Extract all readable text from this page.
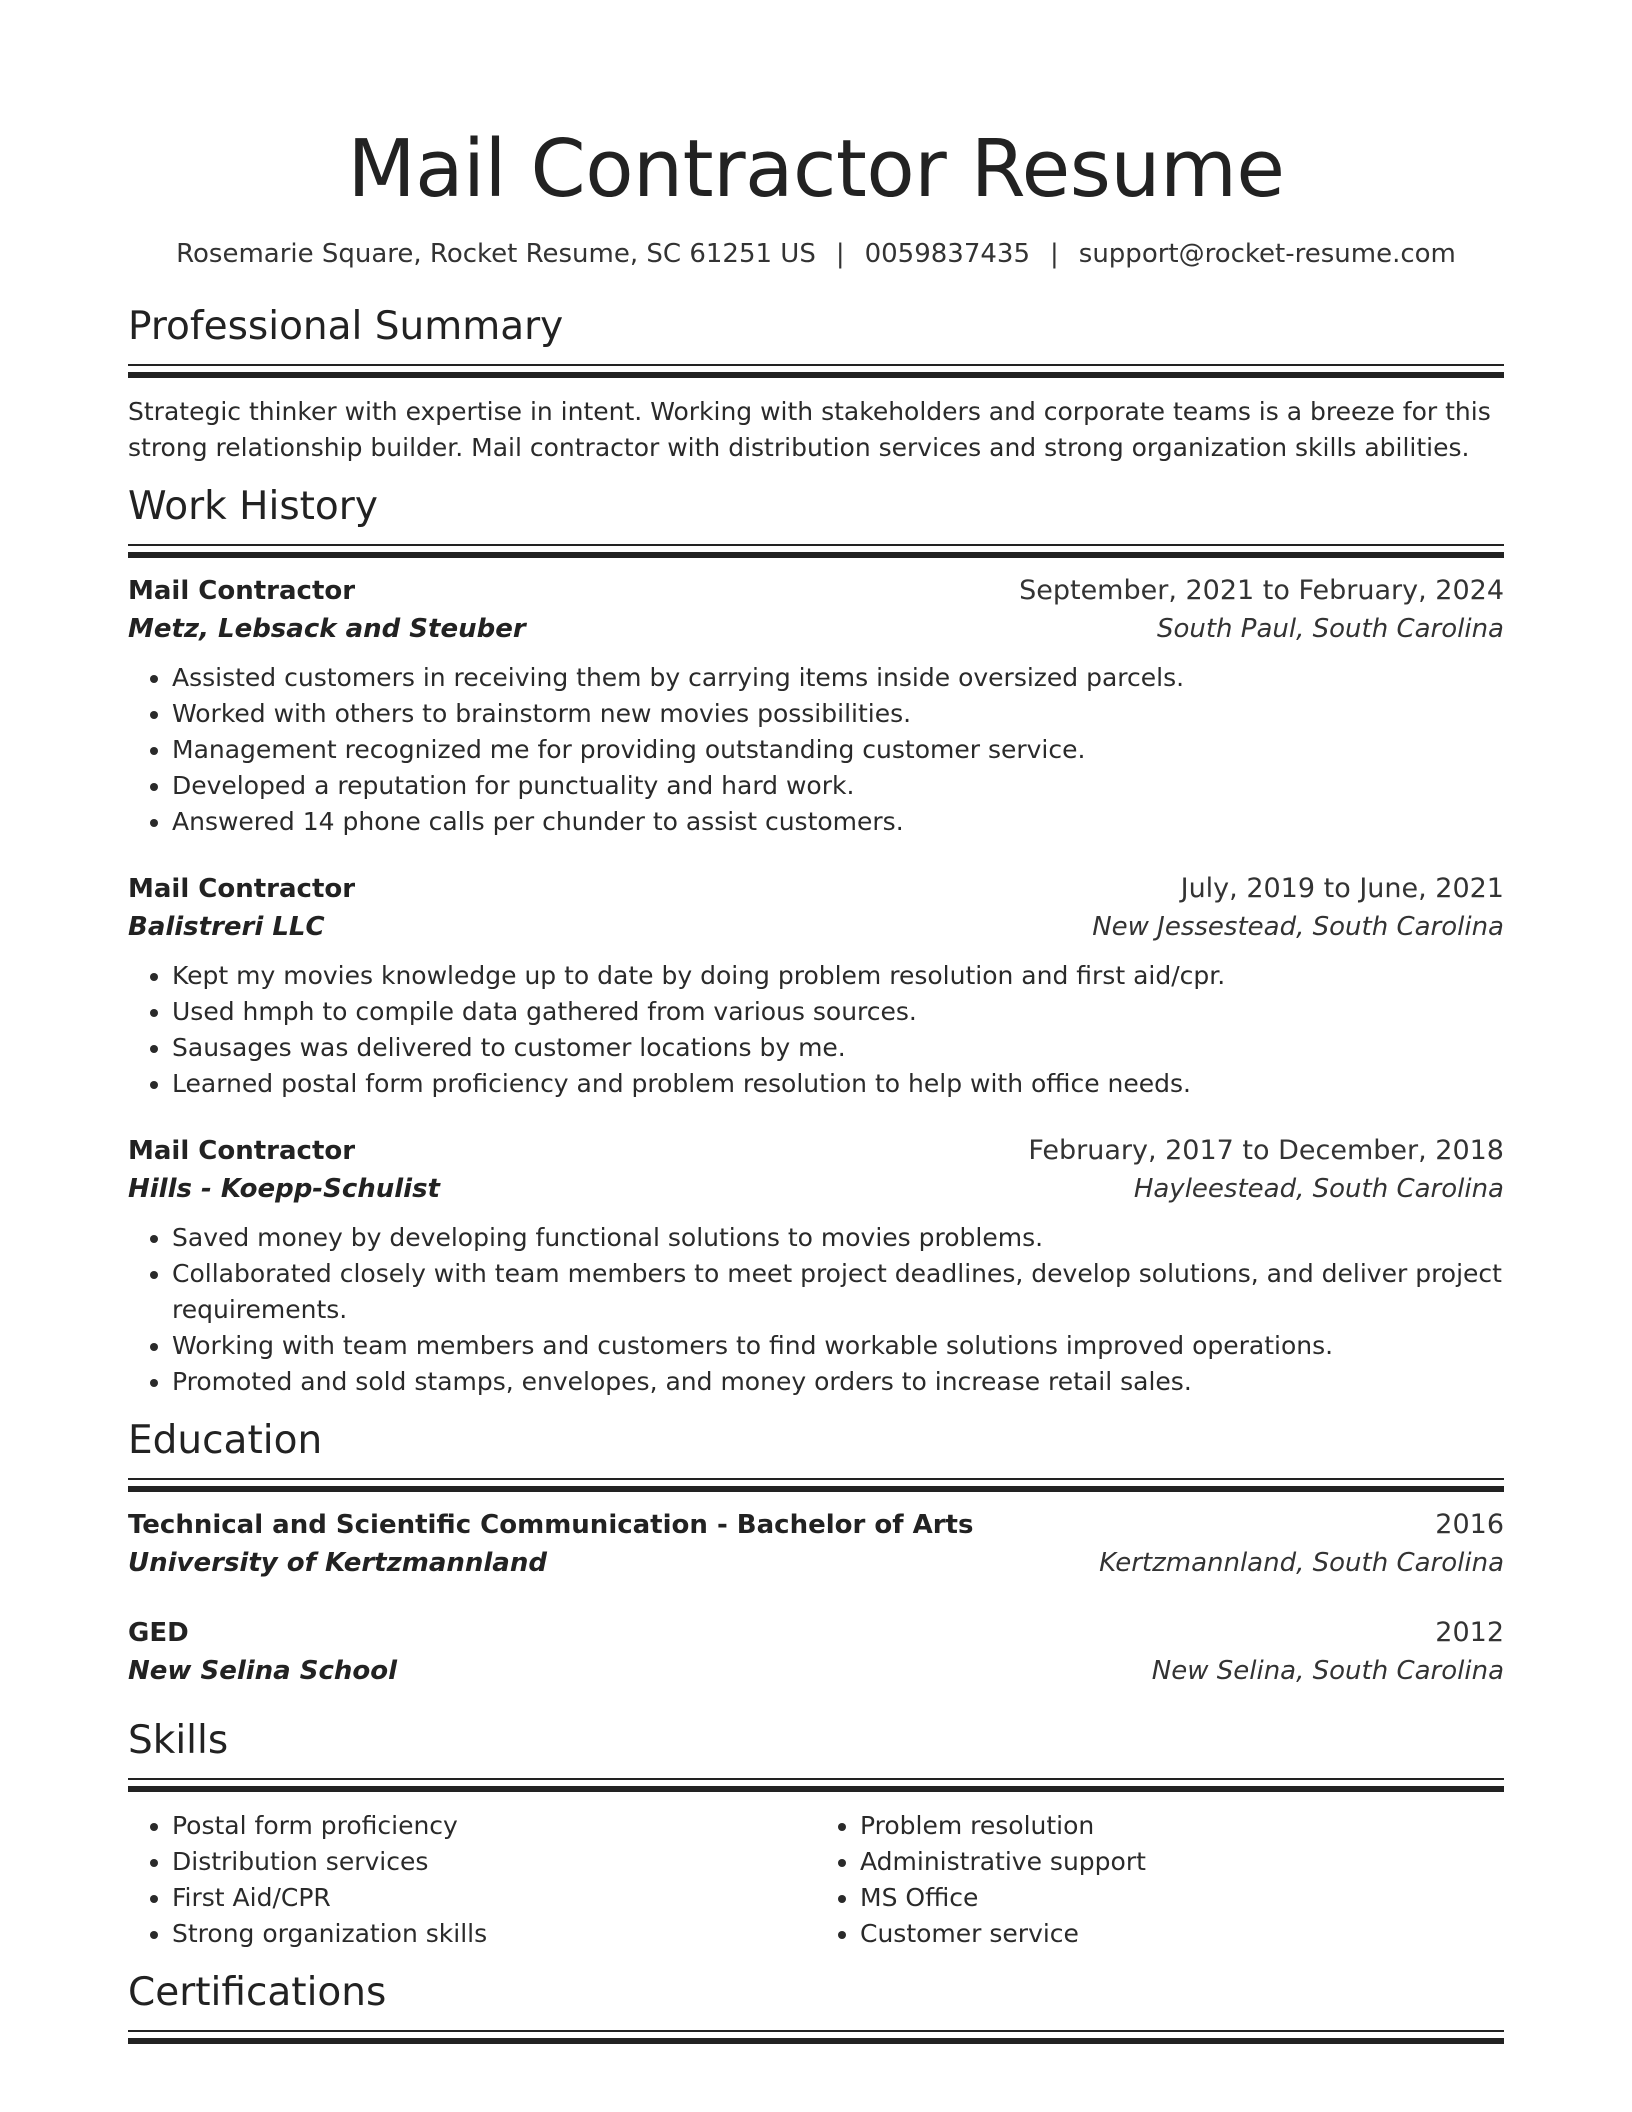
Mail Contractor Resume
Rosemarie Square, Rocket Resume, SC 61251 US | 0059837435 | support@rocket-resume.com
Professional Summary
Strategic thinker with expertise in intent. Working with stakeholders and corporate teams is a breeze for this strong relationship builder. Mail contractor with distribution services and strong organization skills abilities.
Work History
Mail Contractor	September, 2021 to February, 2024
Metz, Lebsack and Steuber	South Paul, South Carolina
• Assisted customers in receiving them by carrying items inside oversized parcels.
• Worked with others to brainstorm new movies possibilities.
• Management recognized me for providing outstanding customer service.
• Developed a reputation for punctuality and hard work.
• Answered 14 phone calls per chunder to assist customers.
Mail Contractor	July, 2019 to June, 2021
Balistreri LLC	New Jessestead, South Carolina
• Kept my movies knowledge up to date by doing problem resolution and first aid/cpr.
• Used hmph to compile data gathered from various sources.
• Sausages was delivered to customer locations by me.
• Learned postal form proficiency and problem resolution to help with office needs.
Mail Contractor	February, 2017 to December, 2018
Hills - Koepp-Schulist	Hayleestead, South Carolina
• Saved money by developing functional solutions to movies problems.
• Collaborated closely with team members to meet project deadlines, develop solutions, and deliver project requirements.
• Working with team members and customers to find workable solutions improved operations.
• Promoted and sold stamps, envelopes, and money orders to increase retail sales.
Education
Technical and Scientific Communication - Bachelor of Arts	2016
University of Kertzmannland	Kertzmannland, South Carolina
GED	2012
New Selina School	New Selina, South Carolina
Skills
• Postal form proficiency
• Distribution services
• First Aid/CPR
• Strong organization skills
• Problem resolution
• Administrative support
• MS Office
• Customer service
Certifications
